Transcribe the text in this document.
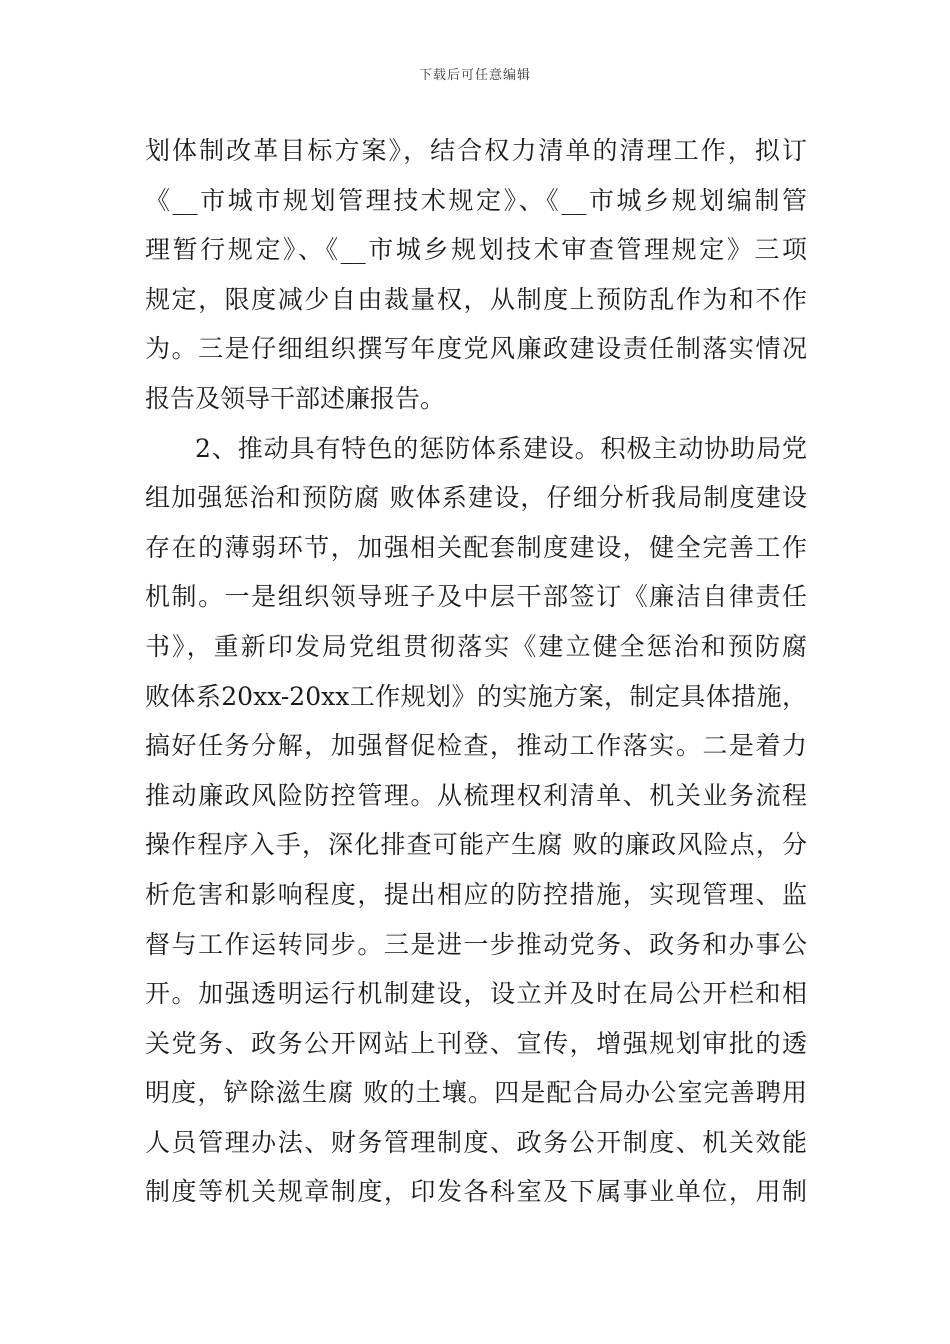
下载后可任意编辑
划体制改革目标方案》，结合权力清单的清理工作，拟订
《__市城市规划管理技术规定》、《__市城乡规划编制管
理暂行规定》、《__市城乡规划技术审查管理规定》三项
规定，限度减少自由裁量权，从制度上预防乱作为和不作
为。三是仔细组织撰写年度党风廉政建设责任制落实情况
报告及领导干部述廉报告。
2、推动具有特色的惩防体系建设。积极主动协助局党
组加强惩治和预防腐 败体系建设，仔细分析我局制度建设
存在的薄弱环节，加强相关配套制度建设，健全完善工作
机制。一是组织领导班子及中层干部签订《廉洁自律责任
书》，重新印发局党组贯彻落实《建立健全惩治和预防腐
败体系20xx-20xx工作规划》的实施方案，制定具体措施，
搞好任务分解，加强督促检查，推动工作落实。二是着力
推动廉政风险防控管理。从梳理权利清单、机关业务流程
操作程序入手，深化排查可能产生腐 败的廉政风险点，分
析危害和影响程度，提出相应的防控措施，实现管理、监
督与工作运转同步。三是进一步推动党务、政务和办事公
开。加强透明运行机制建设，设立并及时在局公开栏和相
关党务、政务公开网站上刊登、宣传，增强规划审批的透
明度，铲除滋生腐 败的土壤。四是配合局办公室完善聘用
人员管理办法、财务管理制度、政务公开制度、机关效能
制度等机关规章制度，印发各科室及下属事业单位，用制
